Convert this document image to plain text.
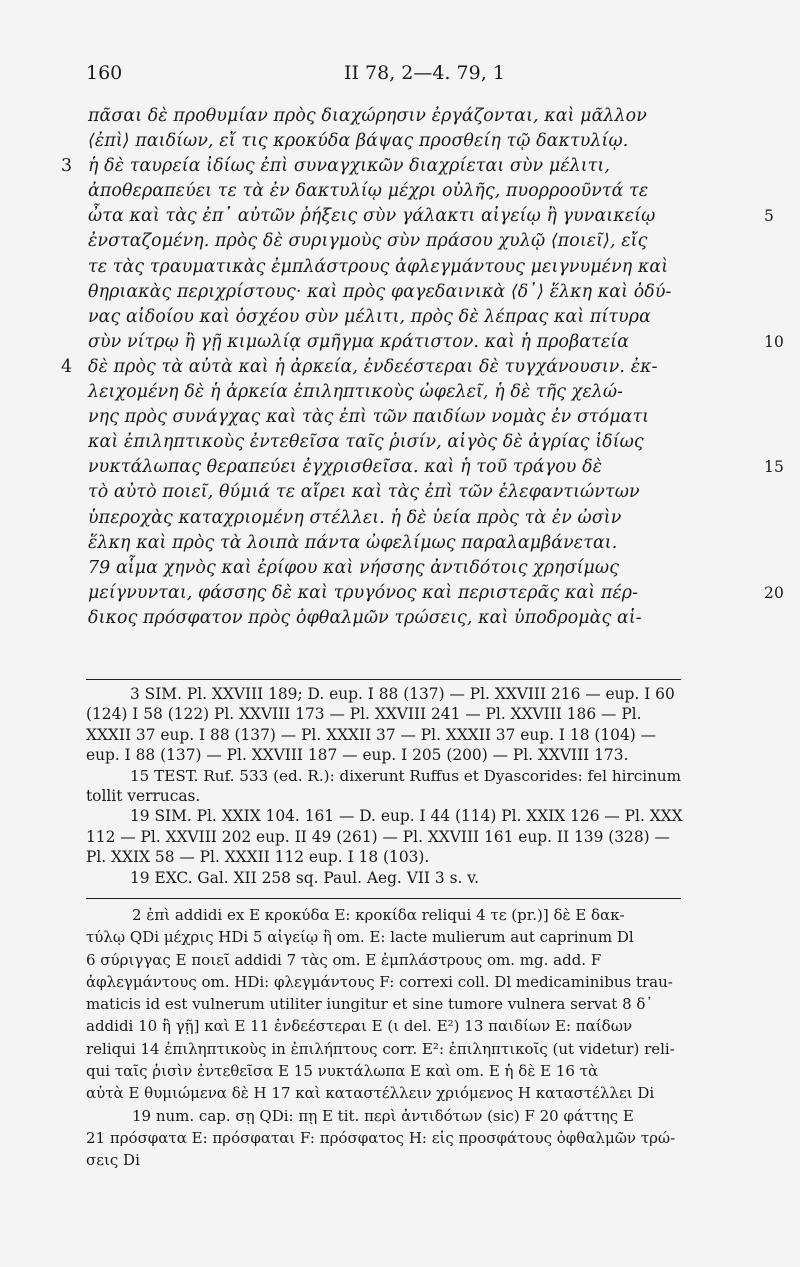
160	II 78, 2—4. 79, 1
πᾶσαι δὲ προθυμίαν πρὸς διαχώρησιν ἐργάζονται, καὶ μᾶλλον
⟨ἐπὶ⟩ παιδίων, εἴ τις κροκύδα βάψας προσθείη τῷ δακτυλίῳ.
3 ἡ δὲ ταυρεία ἰδίως ἐπὶ συναγχικῶν διαχρίεται σὺν μέλιτι,
ἀποθεραπεύει τε τὰ ἐν δακτυλίῳ μέχρι οὐλῆς, πυορροοῦντά τε
ὦτα καὶ τὰς ἐπ᾿ αὐτῶν ῥήξεις σὺν γάλακτι αἰγείῳ ἢ γυναικείῳ	5
ἐνσταζομένη. πρὸς δὲ συριγμοὺς σὺν πράσου χυλῷ ⟨ποιεῖ⟩, εἴς
τε τὰς τραυματικὰς ἐμπλάστρους ἀφλεγμάντους μειγνυμένη καὶ
θηριακὰς περιχρίστους· καὶ πρὸς φαγεδαινικὰ ⟨δ᾿⟩ ἕλκη καὶ ὀδύ-
νας αἰδοίου καὶ ὀσχέου σὺν μέλιτι, πρὸς δὲ λέπρας καὶ πίτυρα
σὺν νίτρῳ ἢ γῇ κιμωλίᾳ σμῆγμα κράτιστον. καὶ ἡ προβατεία	10
4 δὲ πρὸς τὰ αὐτὰ καὶ ἡ ἀρκεία, ἐνδεέστεραι δὲ τυγχάνουσιν. ἐκ-
λειχομένη δὲ ἡ ἀρκεία ἐπιληπτικοὺς ὠφελεῖ, ἡ δὲ τῆς χελώ-
νης πρὸς συνάγχας καὶ τὰς ἐπὶ τῶν παιδίων νομὰς ἐν στόματι
καὶ ἐπιληπτικοὺς ἐντεθεῖσα ταῖς ῥισίν, αἰγὸς δὲ ἀγρίας ἰδίως
νυκτάλωπας θεραπεύει ἐγχρισθεῖσα. καὶ ἡ τοῦ τράγου δὲ	15
τὸ αὐτὸ ποιεῖ, θύμιά τε αἴρει καὶ τὰς ἐπὶ τῶν ἐλεφαντιώντων
ὑπεροχὰς καταχριομένη στέλλει. ἡ δὲ ὑεία πρὸς τὰ ἐν ὠσὶν
ἕλκη καὶ πρὸς τὰ λοιπὰ πάντα ὠφελίμως παραλαμβάνεται.
79 αἷμα χηνὸς καὶ ἐρίφου καὶ νήσσης ἀντιδότοις χρησίμως
μείγνυνται, φάσσης δὲ καὶ τρυγόνος καὶ περιστερᾶς καὶ πέρ-	20
δικος πρόσφατον πρὸς ὀφθαλμῶν τρώσεις, καὶ ὑποδρομὰς αἱ-
3 SIM. Pl. XXVIII 189; D. eup. I 88 (137) — Pl. XXVIII 216 — eup. I 60
(124) I 58 (122) Pl. XXVIII 173 — Pl. XXVIII 241 — Pl. XXVIII 186 — Pl.
XXXII 37 eup. I 88 (137) — Pl. XXXII 37 — Pl. XXXII 37 eup. I 18 (104) —
eup. I 88 (137) — Pl. XXVIII 187 — eup. I 205 (200) — Pl. XXVIII 173.
15 TEST. Ruf. 533 (ed. R.): dixerunt Ruffus et Dyascorides: fel hircinum
tollit verrucas.
19 SIM. Pl. XXIX 104. 161 — D. eup. I 44 (114) Pl. XXIX 126 — Pl. XXX
112 — Pl. XXVIII 202 eup. II 49 (261) — Pl. XXVIII 161 eup. II 139 (328) —
Pl. XXIX 58 — Pl. XXXII 112 eup. I 18 (103).
19 EXC. Gal. XII 258 sq. Paul. Aeg. VII 3 s. v.
2 ἐπὶ addidi ex E κροκύδα E: κροκίδα reliqui 4 τε (pr.)] δὲ E δακ-
τύλῳ QDi μέχρις HDi 5 αἰγείῳ ἢ om. E: lacte mulierum aut caprinum Dl
6 σύριγγας E ποιεῖ addidi 7 τὰς om. E ἐμπλάστρους om. mg. add. F
ἀφλεγμάντους om. HDi: φλεγμάντους F: correxi coll. Dl medicaminibus trau-
maticis id est vulnerum utiliter iungitur et sine tumore vulnera servat 8 δ᾿
addidi 10 ἢ γῇ] καὶ E 11 ἐνδεέστεραι E (ι del. E²) 13 παιδίων E: παίδων
reliqui 14 ἐπιληπτικοὺς in ἐπιλήπτους corr. E²: ἐπιληπτικοῖς (ut videtur) reli-
qui ταῖς ῥισὶν ἐντεθεῖσα E 15 νυκτάλωπα E καὶ om. E ἡ δὲ E 16 τὰ
αὐτὰ E θυμιώμενα δὲ H 17 καὶ καταστέλλειν χριόμενος H καταστέλλει Di
19 num. cap. σῃ QDi: πῃ E tit. περὶ ἀντιδότων (sic) F 20 φάττης E
21 πρόσφατα E: πρόσφαται F: πρόσφατος H: εἰς προσφάτους ὀφθαλμῶν τρώ-
σεις Di
